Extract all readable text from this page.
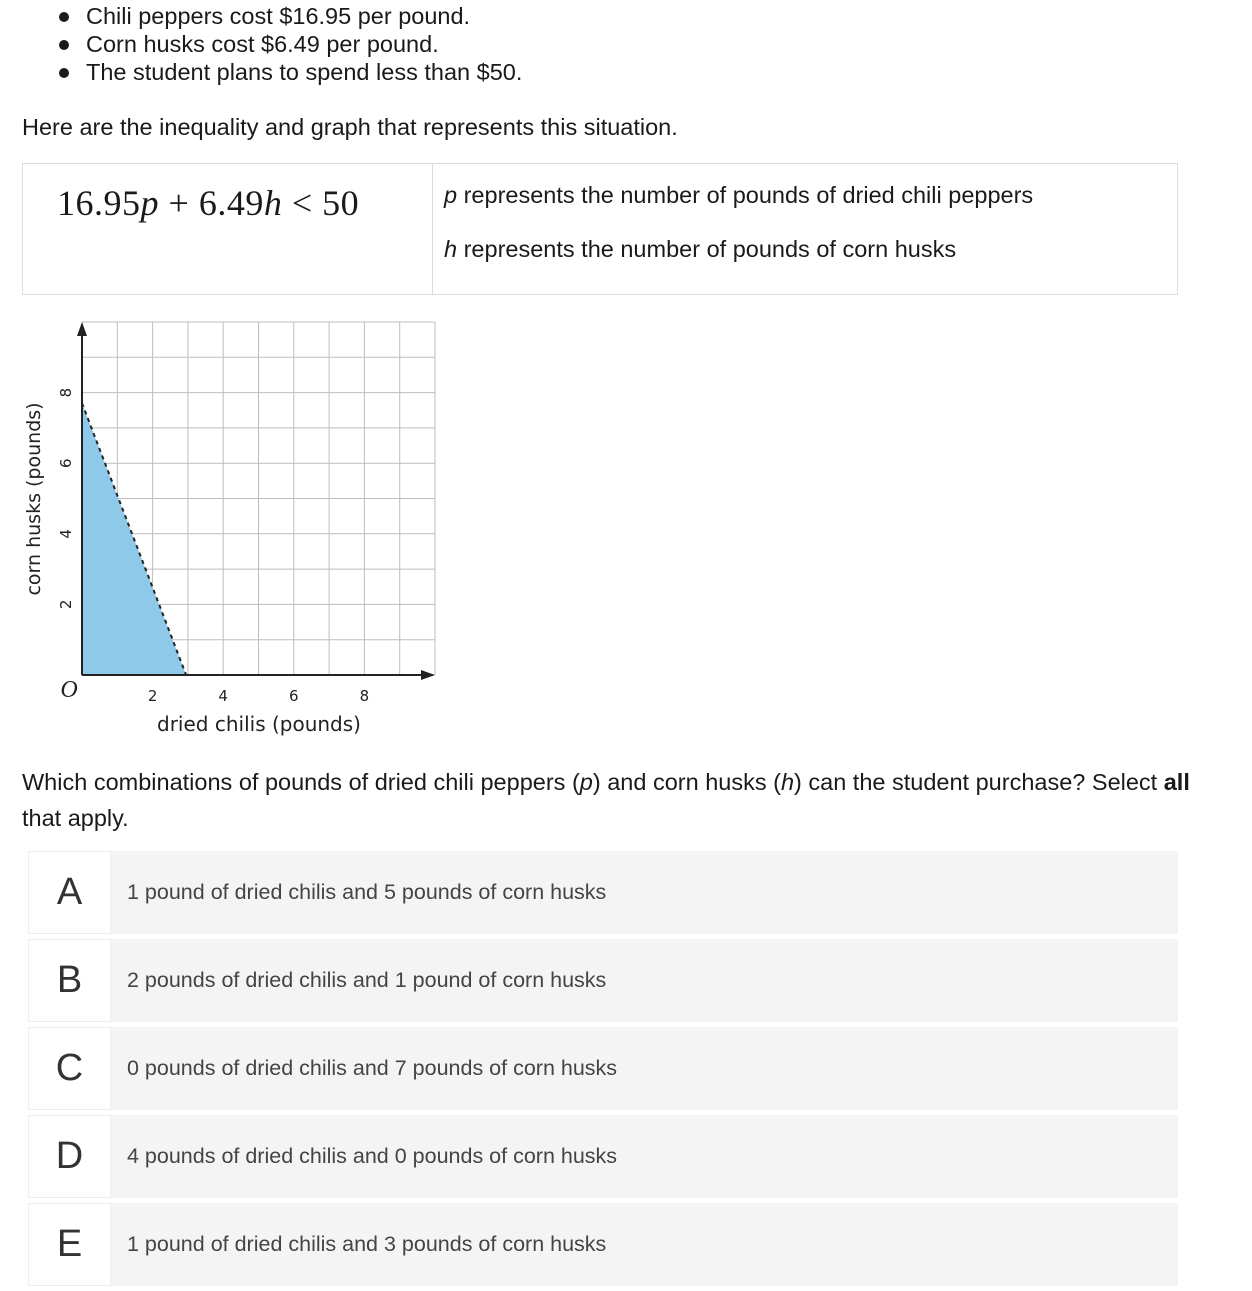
Chili peppers cost $16.95 per pound.
Corn husks cost $6.49 per pound.
The student plans to spend less than $50.
Here are the inequality and graph that represents this situation.
16.95p + 6.49h < 50	p represents the number of pounds of dried chili peppers
h represents the number of pounds of corn husks
2	4	6	8
2
4
6
8
O
dried chilis (pounds)
corn husks (pounds)
Which combinations of pounds of dried chili peppers (p) and corn husks (h) can the student purchase? Select all that apply.
A	1 pound of dried chilis and 5 pounds of corn husks
B	2 pounds of dried chilis and 1 pound of corn husks
C	0 pounds of dried chilis and 7 pounds of corn husks
D	4 pounds of dried chilis and 0 pounds of corn husks
E	1 pound of dried chilis and 3 pounds of corn husks
